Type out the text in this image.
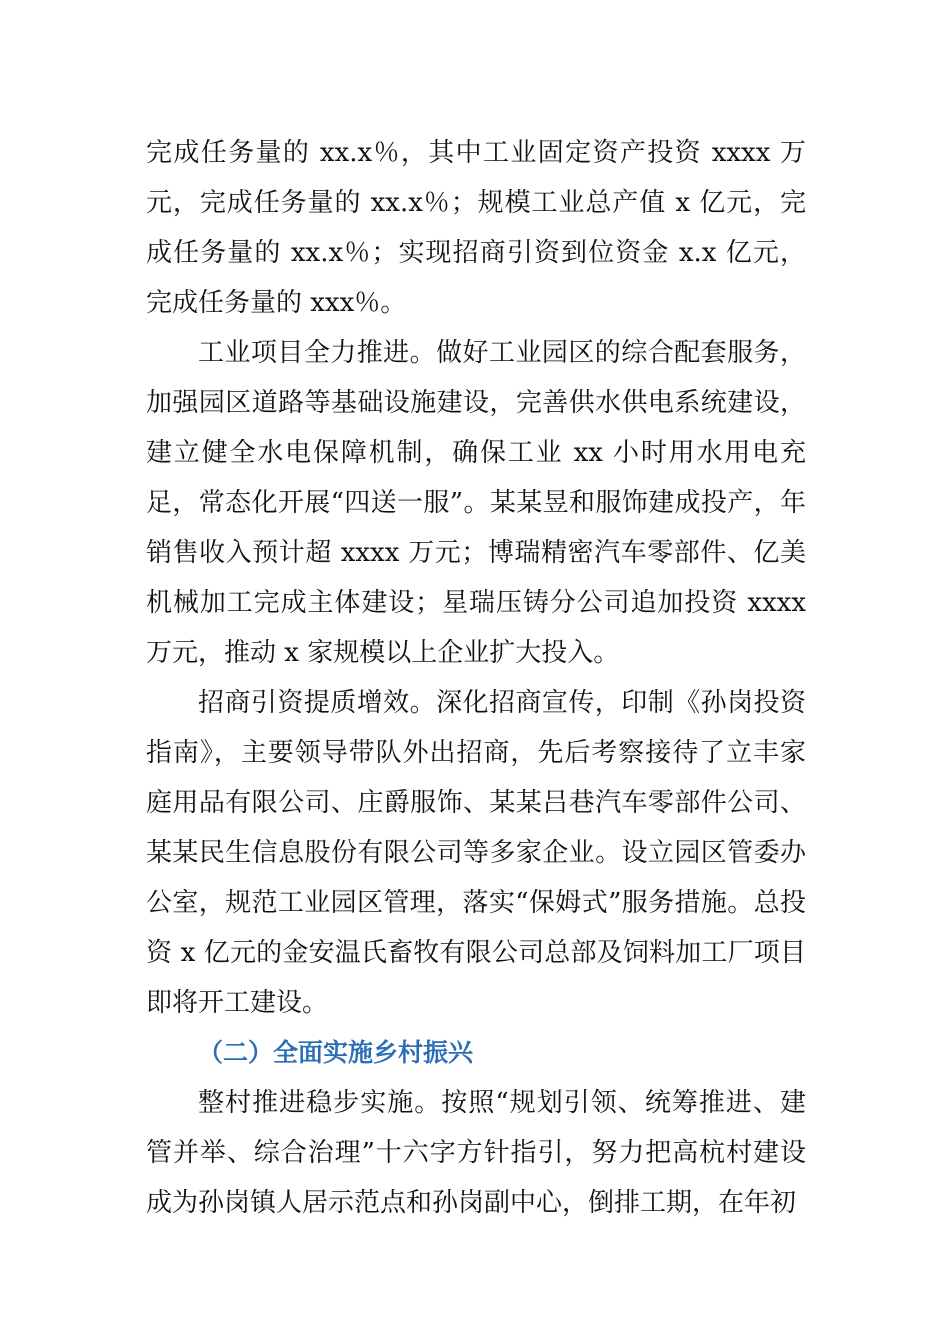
完成任务量的 xx.x％，其中工业固定资产投资 xxxx 万元，完成任务量的 xx.x％；规模工业总产值 x 亿元，完成任务量的 xx.x％；实现招商引资到位资金 x.x 亿元，完成任务量的 xxx％。

工业项目全力推进。做好工业园区的综合配套服务，加强园区道路等基础设施建设，完善供水供电系统建设，建立健全水电保障机制，确保工业 xx 小时用水用电充足，常态化开展“四送一服”。某某昱和服饰建成投产，年销售收入预计超 xxxx 万元；博瑞精密汽车零部件、亿美机械加工完成主体建设；星瑞压铸分公司追加投资 xxxx 万元，推动 x 家规模以上企业扩大投入。

招商引资提质增效。深化招商宣传，印制《孙岗投资指南》，主要领导带队外出招商，先后考察接待了立丰家庭用品有限公司、庄爵服饰、某某吕巷汽车零部件公司、某某民生信息股份有限公司等多家企业。设立园区管委办公室，规范工业园区管理，落实“保姆式”服务措施。总投资 x 亿元的金安温氏畜牧有限公司总部及饲料加工厂项目即将开工建设。

（二）全面实施乡村振兴

整村推进稳步实施。按照“规划引领、统筹推进、建管并举、综合治理”十六字方针指引，努力把高杭村建设成为孙岗镇人居示范点和孙岗副中心，倒排工期，在年初
